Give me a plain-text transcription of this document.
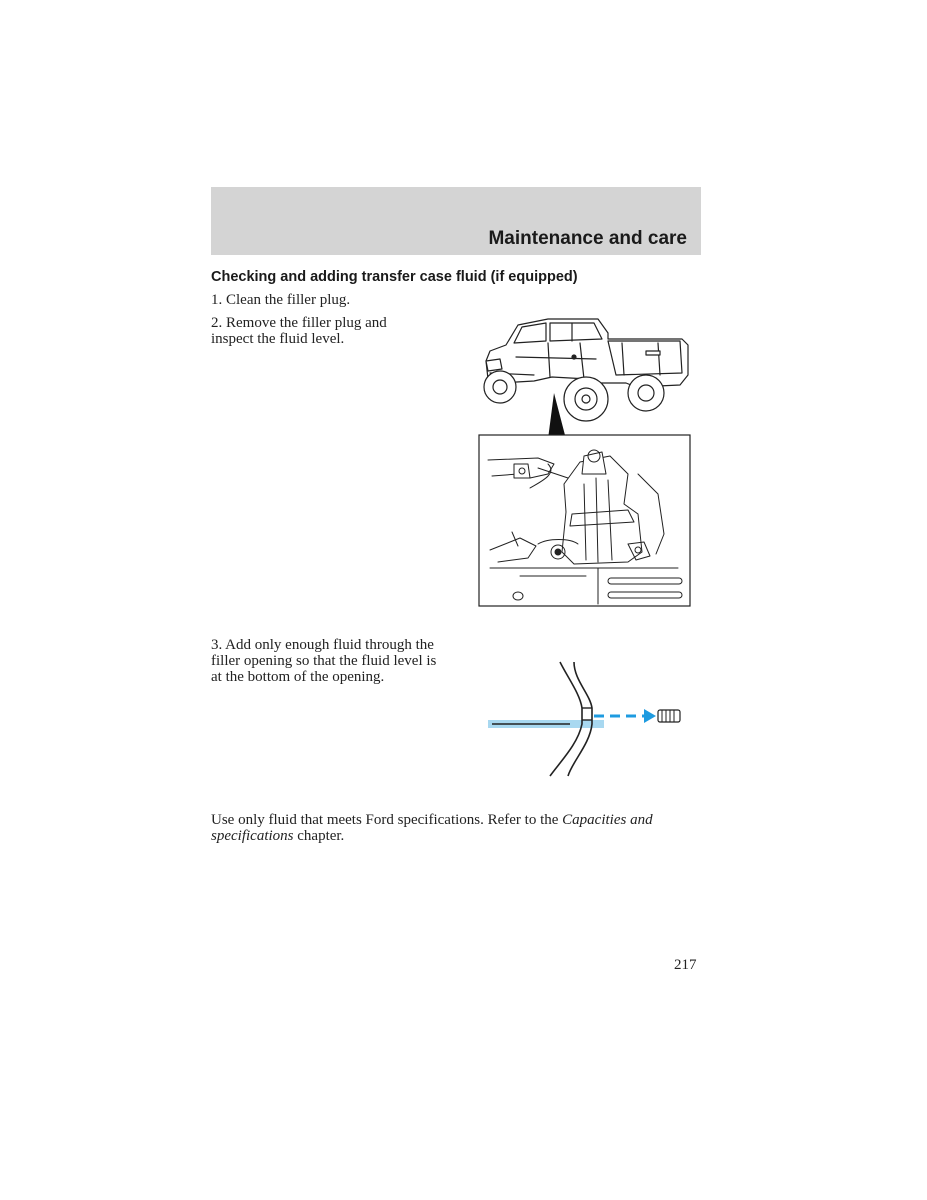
Maintenance and care
Checking and adding transfer case fluid (if equipped)
1. Clean the filler plug.
2. Remove the filler plug and inspect the fluid level.
3. Add only enough fluid through the filler opening so that the fluid level is at the bottom of the opening.
Use only fluid that meets Ford specifications. Refer to the Capacities and specifications chapter.
217
